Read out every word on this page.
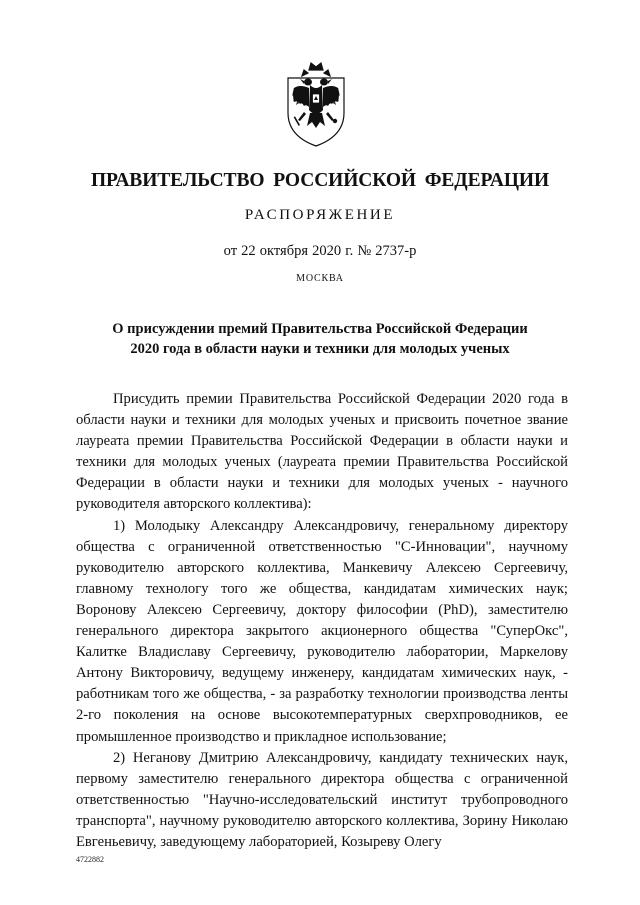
ПРАВИТЕЛЬСТВО РОССИЙСКОЙ ФЕДЕРАЦИИ
РАСПОРЯЖЕНИЕ
от 22 октября 2020 г. № 2737-р
МОСКВА
О присуждении премий Правительства Российской Федерации
2020 года в области науки и техники для молодых ученых

Присудить премии Правительства Российской Федерации 2020 года в области науки и техники для молодых ученых и присвоить почетное звание лауреата премии Правительства Российской Федерации в области науки и техники для молодых ученых (лауреата премии Правительства Российской Федерации в области науки и техники для молодых ученых - научного руководителя авторского коллектива):

1) Молодыку Александру Александровичу, генеральному директору общества с ограниченной ответственностью "С-Инновации", научному руководителю авторского коллектива, Манкевичу Алексею Сергеевичу, главному технологу того же общества, кандидатам химических наук; Воронову Алексею Сергеевичу, доктору философии (PhD), заместителю генерального директора закрытого акционерного общества "СуперОкс", Калитке Владиславу Сергеевичу, руководителю лаборатории, Маркелову Антону Викторовичу, ведущему инженеру, кандидатам химических наук, - работникам того же общества, - за разработку технологии производства ленты 2-го поколения на основе высокотемпературных сверхпроводников, ее промышленное производство и прикладное использование;

2) Неганову Дмитрию Александровичу, кандидату технических наук, первому заместителю генерального директора общества с ограниченной ответственностью "Научно-исследовательский институт трубопроводного транспорта", научному руководителю авторского коллектива, Зорину Николаю Евгеньевичу, заведующему лабораторией, Козыреву Олегу

4722882
